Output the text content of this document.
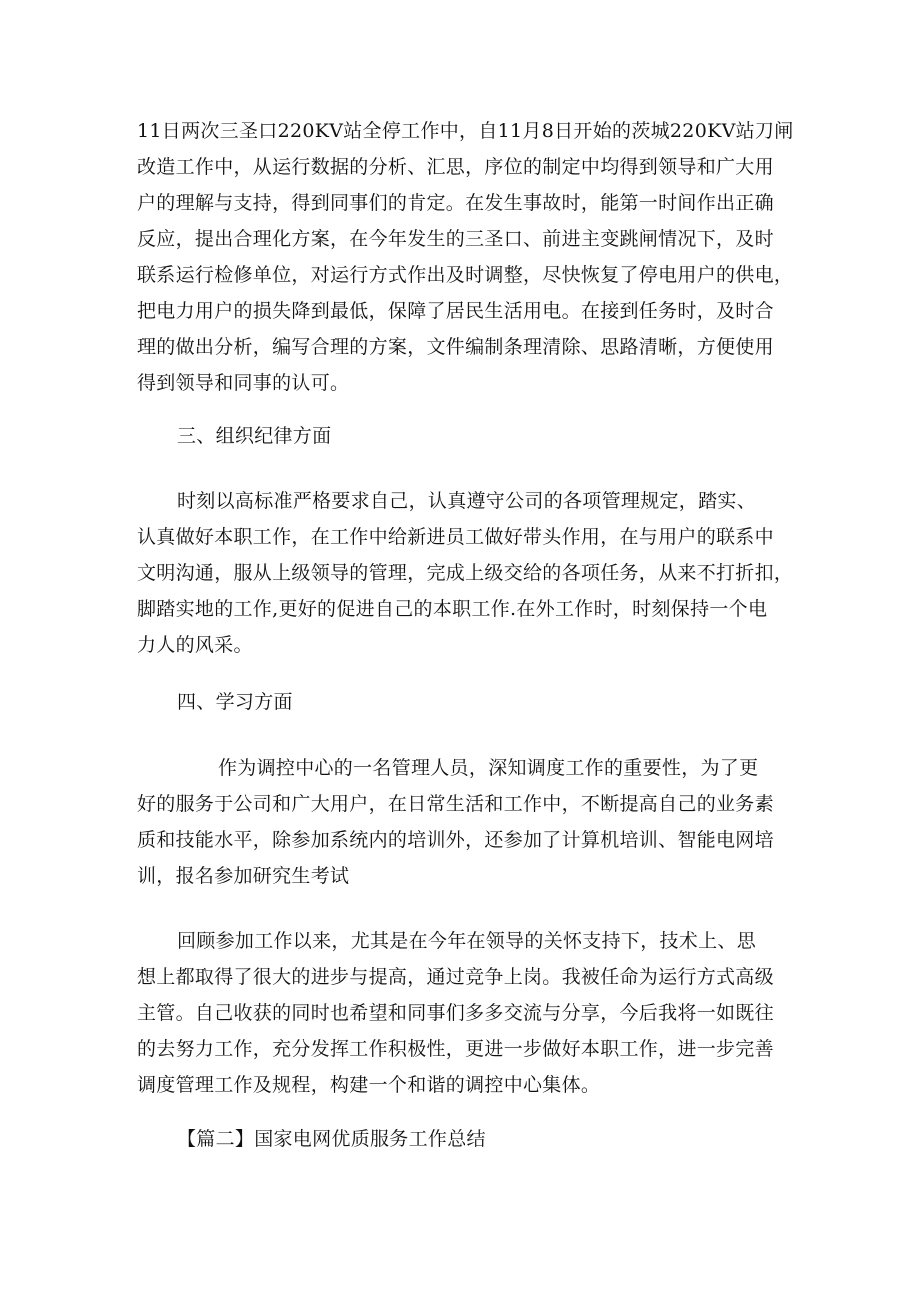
11日两次三圣口220KV站全停工作中，自11月8日开始的茨城220KV站刀闸
改造工作中，从运行数据的分析、汇思，序位的制定中均得到领导和广大用
户的理解与支持，得到同事们的肯定。在发生事故时，能第一时间作出正确
反应，提出合理化方案，在今年发生的三圣口、前进主变跳闸情况下，及时
联系运行检修单位，对运行方式作出及时调整，尽快恢复了停电用户的供电，
把电力用户的损失降到最低，保障了居民生活用电。在接到任务时，及时合
理的做出分析，编写合理的方案，文件编制条理清除、思路清晰，方便使用
得到领导和同事的认可。
三、组织纪律方面
时刻以高标准严格要求自己，认真遵守公司的各项管理规定，踏实、
认真做好本职工作，在工作中给新进员工做好带头作用，在与用户的联系中
文明沟通，服从上级领导的管理，完成上级交给的各项任务，从来不打折扣，
脚踏实地的工作,更好的促进自己的本职工作.在外工作时，时刻保持一个电
力人的风采。
四、学习方面
作为调控中心的一名管理人员，深知调度工作的重要性，为了更
好的服务于公司和广大用户，在日常生活和工作中，不断提高自己的业务素
质和技能水平，除参加系统内的培训外，还参加了计算机培训、智能电网培
训，报名参加研究生考试
回顾参加工作以来，尤其是在今年在领导的关怀支持下，技术上、思
想上都取得了很大的进步与提高，通过竞争上岗。我被任命为运行方式高级
主管。自己收获的同时也希望和同事们多多交流与分享，今后我将一如既往
的去努力工作，充分发挥工作积极性，更进一步做好本职工作，进一步完善
调度管理工作及规程，构建一个和谐的调控中心集体。
【篇二】国家电网优质服务工作总结
